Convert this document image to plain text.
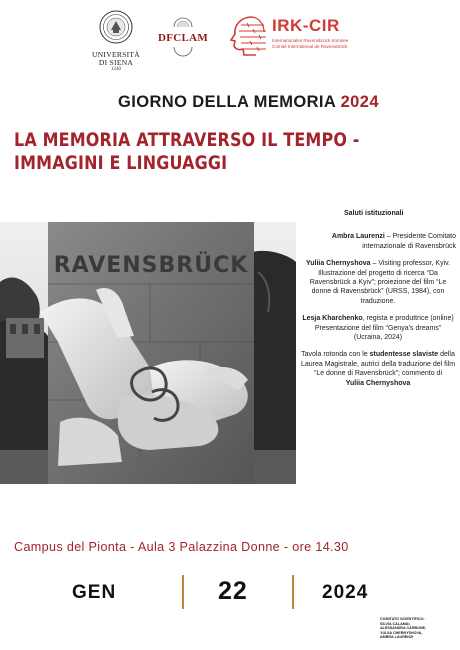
UNIVERSITÀ
DI SIENA
1240
DFCLAM
IRK-CIR
Internationales Ravensbrück Komitee
Comité International de Ravensbrück
GIORNO DELLA MEMORIA 2024
LA MEMORIA ATTRAVERSO IL TEMPO -
IMMAGINI E LINGUAGGI
RAVENSBRÜCK
Saluti istituzionali
Ambra Laurenzi – Presidente Comitato internazionale di Ravensbrück
Yuliia Chernyshova – Visiting professor, Kyiv. Illustrazione del progetto di ricerca “Da Ravensbrück a Kyiv”; proiezione del film “Le donne di Ravensbrück” (URSS, 1984), con traduzione.
Lesja Kharchenko, regista e produttrice (online) Presentazione del film “Genya’s dreams” (Ucraina, 2024)
Tavola rotonda con le studentesse slaviste della Laurea Magistrale, autrici della traduzione del film “Le donne di Ravensbrück”; commento di
Yuliia Chernyshova
Campus del Pionta - Aula 3 Palazzina Donne - ore 14.30
GEN	22	2024
COMITATO SCIENTIFICO:
SILVIA CALAMAI,
ALESSANDRA CARBONE,
YULIIA CHERNYSHOVA,
AMBRA LAURENZI
